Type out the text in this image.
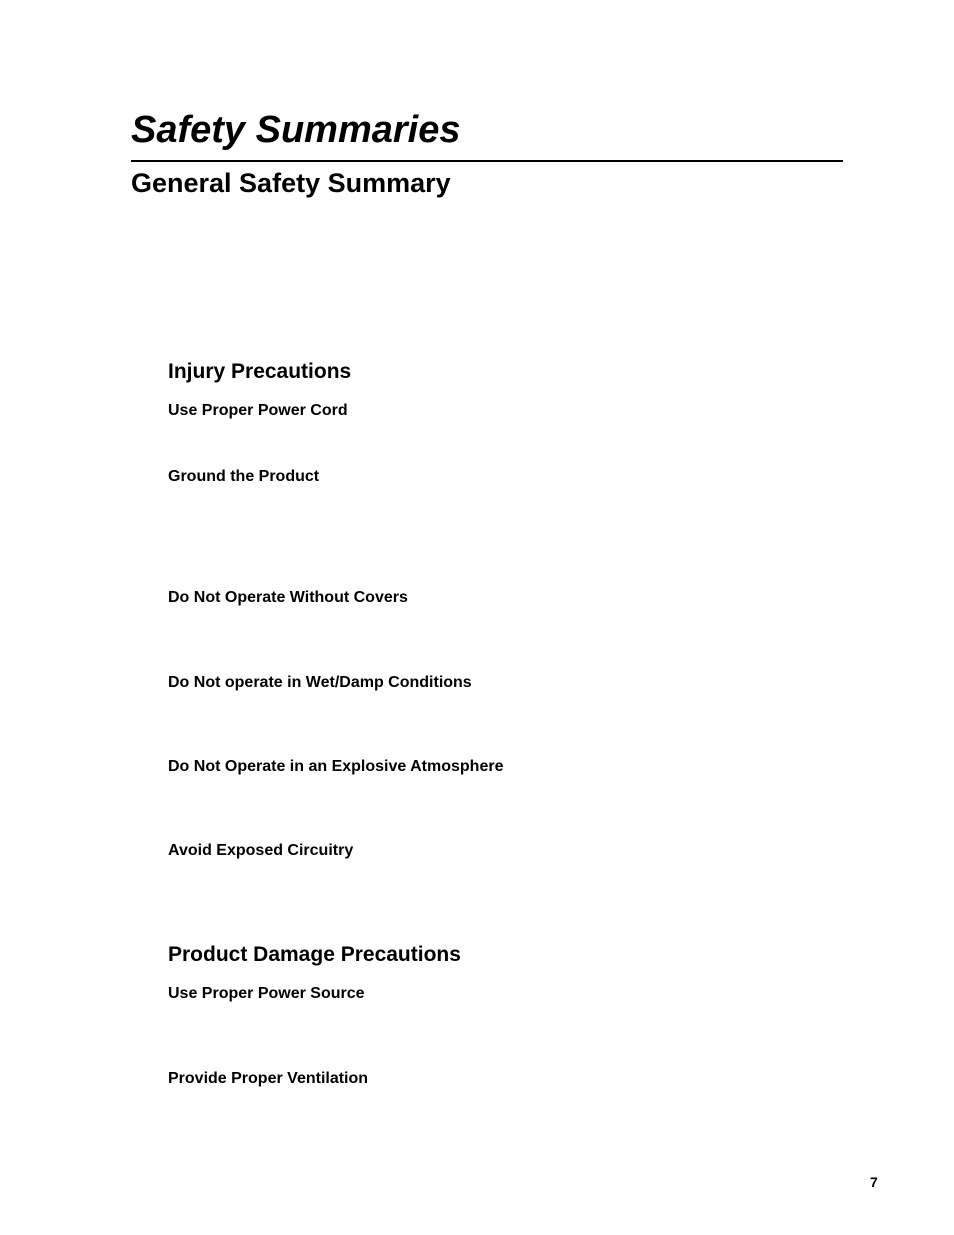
Safety Summaries
General Safety Summary
Injury Precautions
Use Proper Power Cord
Ground the Product
Do Not Operate Without Covers
Do Not operate in Wet/Damp Conditions
Do Not Operate in an Explosive Atmosphere
Avoid Exposed Circuitry
Product Damage Precautions
Use Proper Power Source
Provide Proper Ventilation
7
